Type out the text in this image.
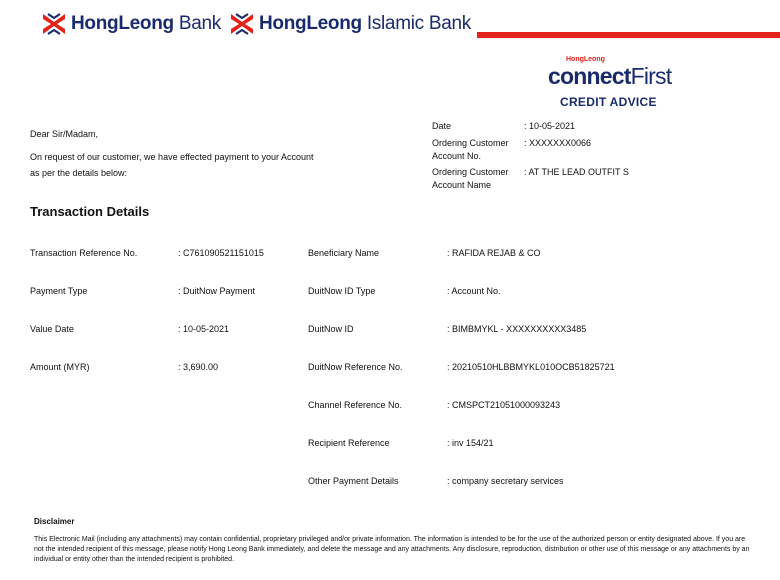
HongLeong Bank HongLeong Islamic Bank
HongLeong
connectFirst
CREDIT ADVICE
Dear Sir/Madam,
On request of our customer, we have effected payment to your Account
as per the details below:
Date	: 10-05-2021
Ordering Customer
Account No.
: XXXXXXX0066
Ordering Customer
Account Name
: AT THE LEAD OUTFIT S
Transaction Details
Transaction Reference No.	: C761090521151015
Payment Type	: DuitNow Payment
Value Date	: 10-05-2021
Amount (MYR)	: 3,690.00
Beneficiary Name	: RAFIDA REJAB & CO
DuitNow ID Type	: Account No.
DuitNow ID	: BIMBMYKL - XXXXXXXXXX3485
DuitNow Reference No.	: 20210510HLBBMYKL010OCB51825721
Channel Reference No.	: CMSPCT21051000093243
Recipient Reference	: inv 154/21
Other Payment Details	: company secretary services
Disclaimer
This Electronic Mail (including any attachments) may contain confidential, proprietary privileged and/or private information. The information is intended to be for the use of the authorized person or entity designated above. If you are not the intended recipient of this message, please notify Hong Leong Bank immediately, and delete the message and any attachments. Any disclosure, reproduction, distribution or other use of this message or any attachments by an individual or entity other than the intended recipient is prohibited.
